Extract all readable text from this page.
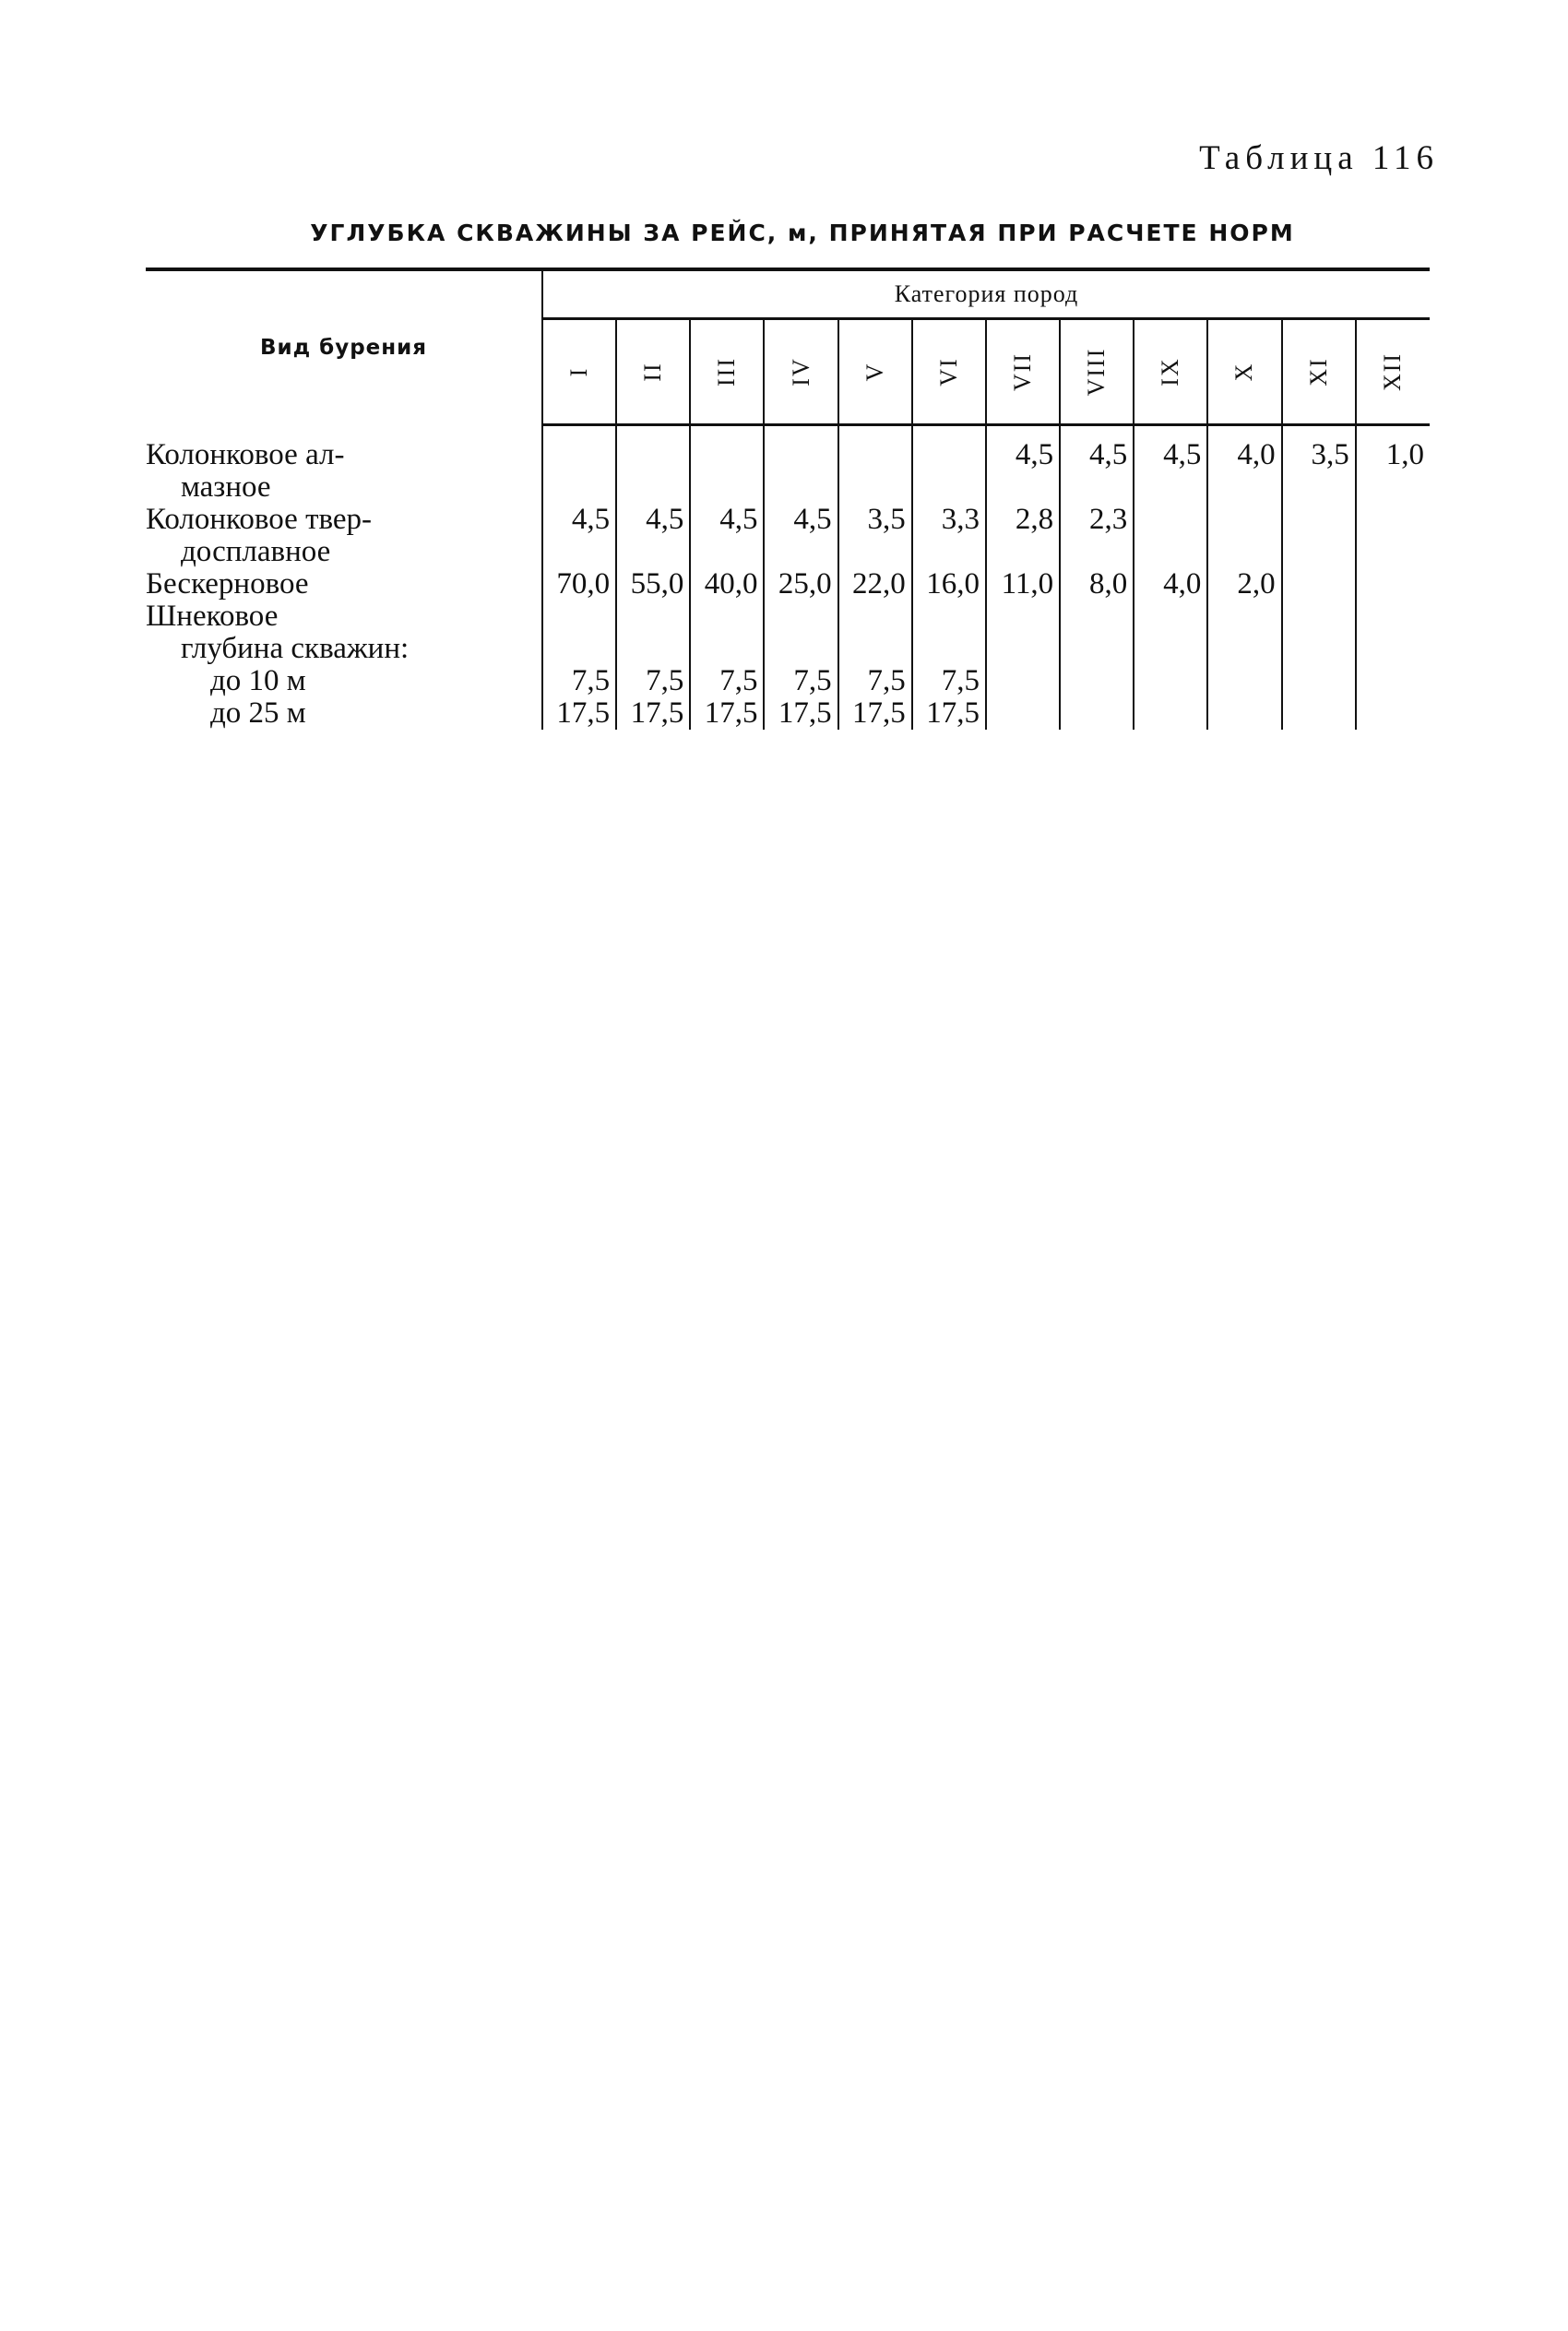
Таблица 116
УГЛУБКА СКВАЖИНЫ ЗА РЕЙС, м, ПРИНЯТАЯ ПРИ РАСЧЕТЕ НОРМ
Вид бурения	Категория пород											

	I	II	III	IV	V	VI	VII	VIII	IX	X	XI	XII

Колонковое ал-
мазное							4,5	4,5	4,5	4,0	3,5	1,0

Колонковое твер-
досплавное	4,5	4,5	4,5	4,5	3,5	3,3	2,8	2,3				

Бескерновое	70,0	55,0	40,0	25,0	22,0	16,0	11,0	8,0	4,0	2,0		

Шнековое
глубина скважин:												

до 10 м	7,5	7,5	7,5	7,5	7,5	7,5						

до 25 м	17,5	17,5	17,5	17,5	17,5	17,5						
